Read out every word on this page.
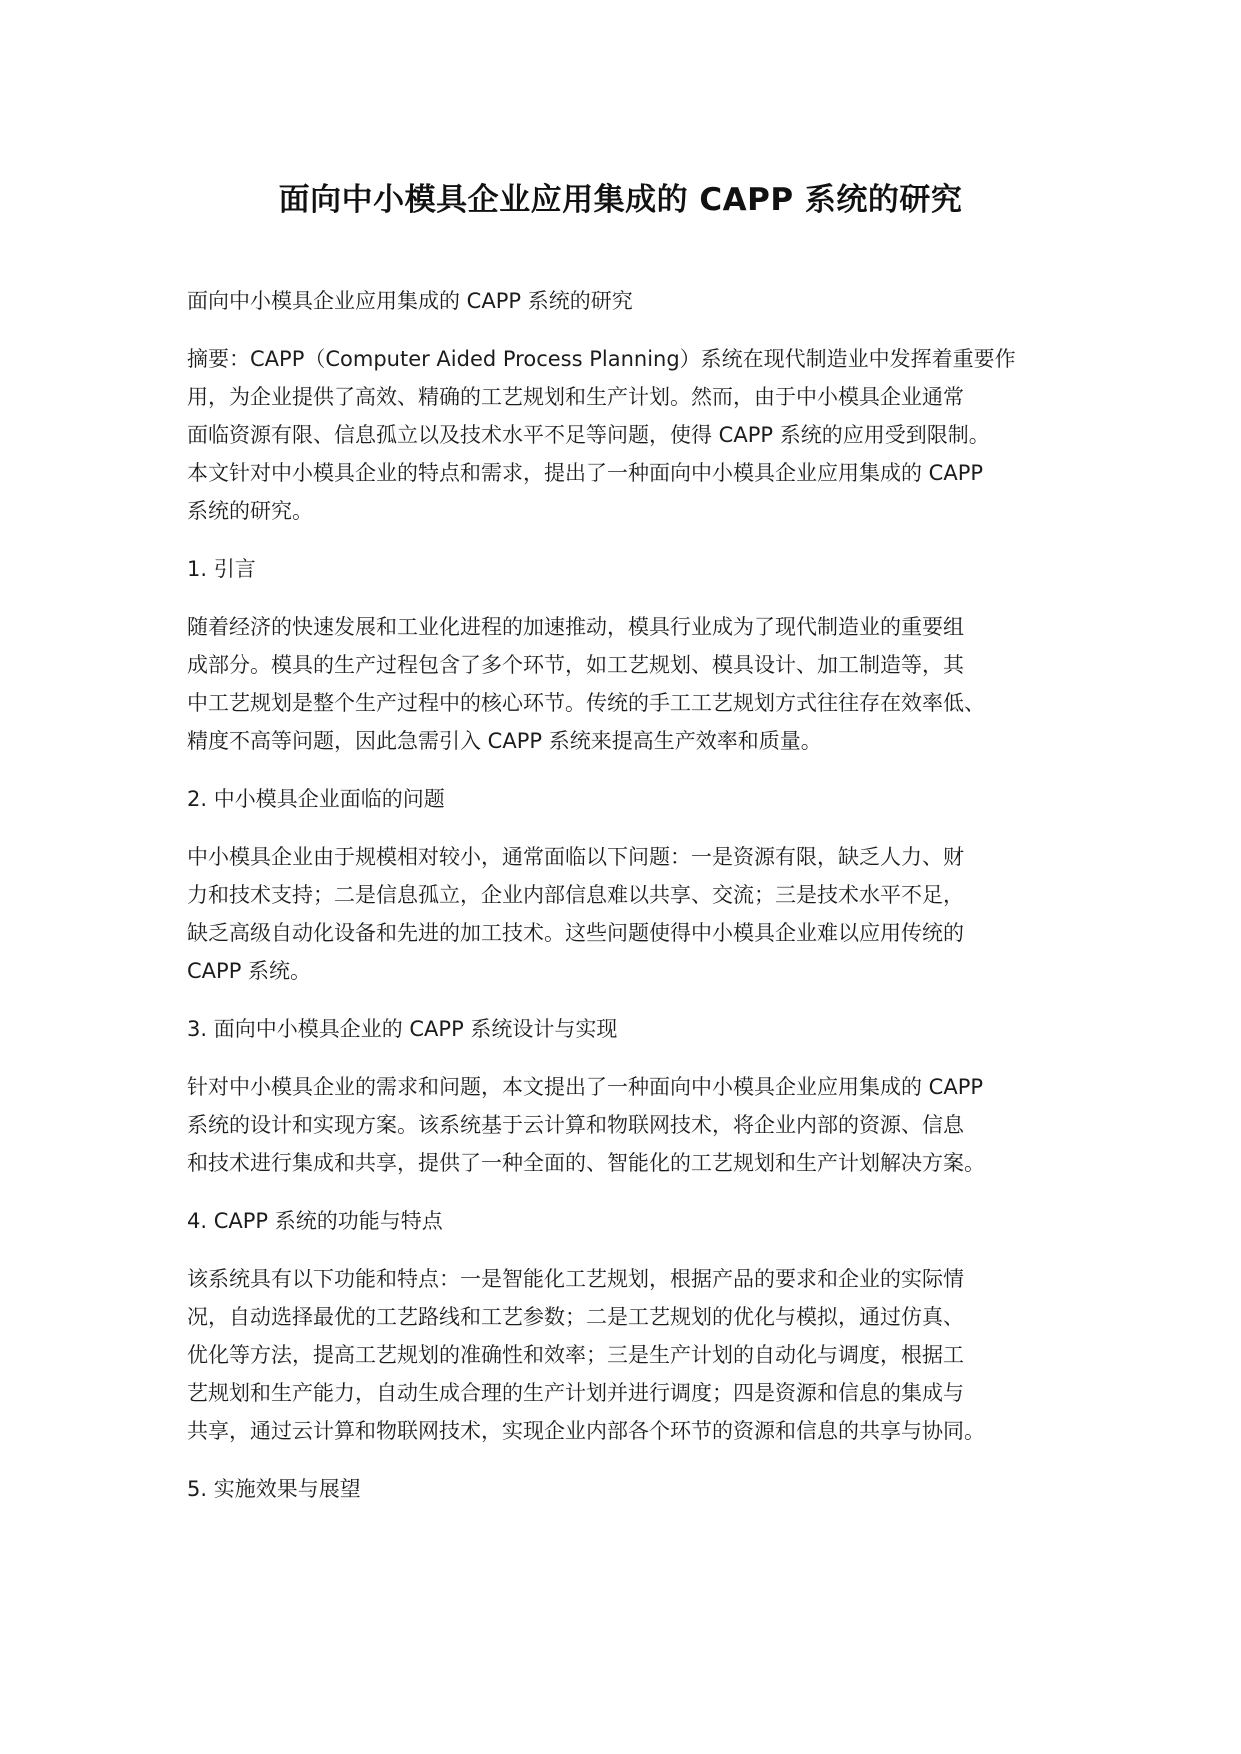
面向中小模具企业应用集成的 CAPP 系统的研究

面向中小模具企业应用集成的 CAPP 系统的研究

摘要：CAPP（Computer Aided Process Planning）系统在现代制造业中发挥着重要作
用，为企业提供了高效、精确的工艺规划和生产计划。然而，由于中小模具企业通常
面临资源有限、信息孤立以及技术水平不足等问题，使得 CAPP 系统的应用受到限制。
本文针对中小模具企业的特点和需求，提出了一种面向中小模具企业应用集成的 CAPP
系统的研究。

1. 引言

随着经济的快速发展和工业化进程的加速推动，模具行业成为了现代制造业的重要组
成部分。模具的生产过程包含了多个环节，如工艺规划、模具设计、加工制造等，其
中工艺规划是整个生产过程中的核心环节。传统的手工工艺规划方式往往存在效率低、
精度不高等问题，因此急需引入 CAPP 系统来提高生产效率和质量。

2. 中小模具企业面临的问题

中小模具企业由于规模相对较小，通常面临以下问题：一是资源有限，缺乏人力、财
力和技术支持；二是信息孤立，企业内部信息难以共享、交流；三是技术水平不足，
缺乏高级自动化设备和先进的加工技术。这些问题使得中小模具企业难以应用传统的
CAPP 系统。

3. 面向中小模具企业的 CAPP 系统设计与实现

针对中小模具企业的需求和问题，本文提出了一种面向中小模具企业应用集成的 CAPP
系统的设计和实现方案。该系统基于云计算和物联网技术，将企业内部的资源、信息
和技术进行集成和共享，提供了一种全面的、智能化的工艺规划和生产计划解决方案。

4. CAPP 系统的功能与特点

该系统具有以下功能和特点：一是智能化工艺规划，根据产品的要求和企业的实际情
况，自动选择最优的工艺路线和工艺参数；二是工艺规划的优化与模拟，通过仿真、
优化等方法，提高工艺规划的准确性和效率；三是生产计划的自动化与调度，根据工
艺规划和生产能力，自动生成合理的生产计划并进行调度；四是资源和信息的集成与
共享，通过云计算和物联网技术，实现企业内部各个环节的资源和信息的共享与协同。

5. 实施效果与展望
